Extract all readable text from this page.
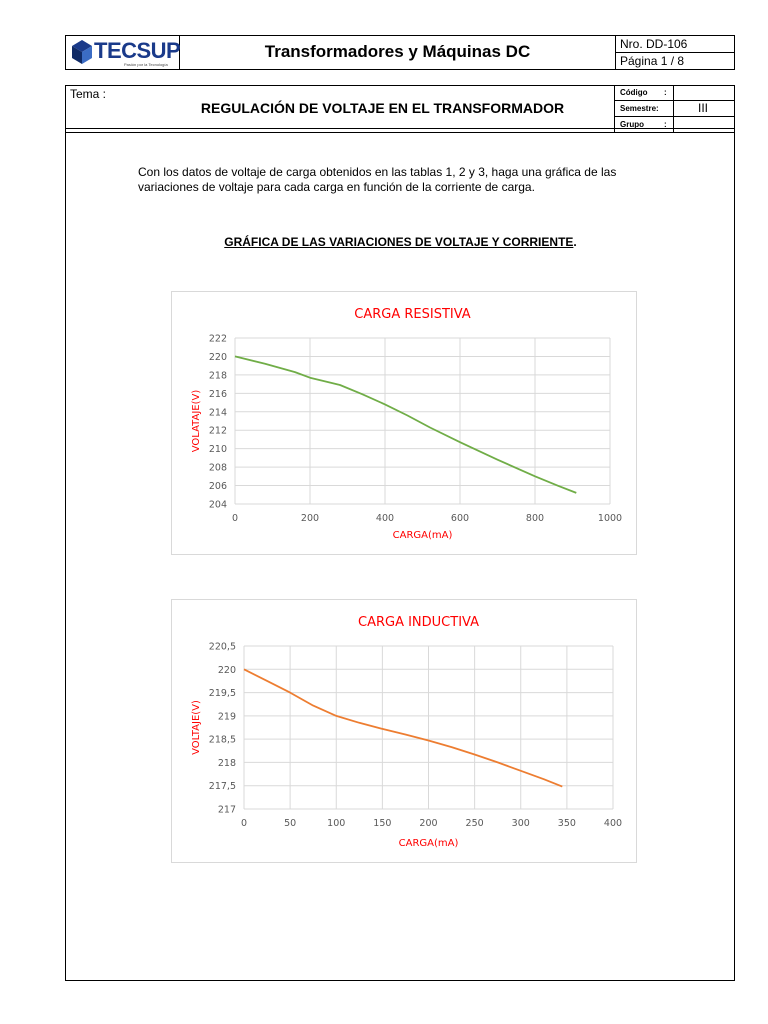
TECSUP
Pasión por la Tecnología
Transformadores y Máquinas DC	Nro. DD-106
Página 1 / 8
Tema :
REGULACIÓN DE VOLTAJE EN EL TRANSFORMADOR
Código :
Semestre:	III
Grupo	:
Con los datos de voltaje de carga obtenidos en las tablas 1, 2 y 3, haga una gráfica de las variaciones de voltaje para cada carga en función de la corriente de carga.
GRÁFICA DE LAS VARIACIONES DE VOLTAJE Y CORRIENTE.
CARGA RESISTIVA
204
206
208
210
212
214
216
218
220
222
0	200	400	600	800	1000
CARGA(mA)
VOLATAJE(V)
CARGA INDUCTIVA
217
217,5
218
218,5
219
219,5
220
220,5
0	50	100	150	200	250	300	350	400
CARGA(mA)
VOLTAJE(V)
